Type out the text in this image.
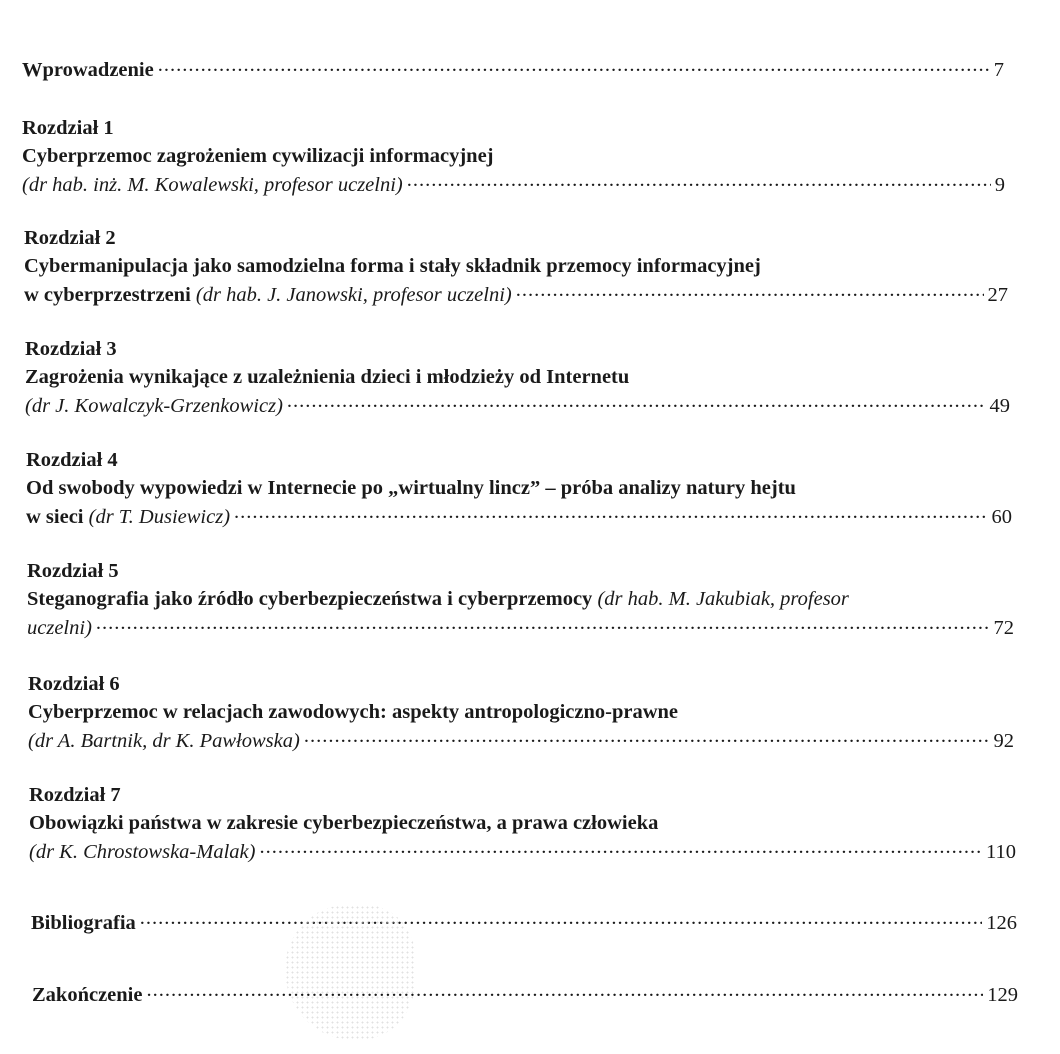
Wprowadzenie .....	7
Rozdział 1
Cyberprzemoc zagrożeniem cywilizacji informacyjnej
(dr hab. inż. M. Kowalewski, profesor uczelni) .....	9
Rozdział 2
Cybermanipulacja jako samodzielna forma i stały składnik przemocy informacyjnej
w cyberprzestrzeni (dr hab. J. Janowski, profesor uczelni) .....	27
Rozdział 3
Zagrożenia wynikające z uzależnienia dzieci i młodzieży od Internetu
(dr J. Kowalczyk-Grzenkowicz) .....	49
Rozdział 4
Od swobody wypowiedzi w Internecie po „wirtualny lincz” – próba analizy natury hejtu
w sieci (dr T. Dusiewicz) .....	60
Rozdział 5
Steganografia jako źródło cyberbezpieczeństwa i cyberprzemocy (dr hab. M. Jakubiak, profesor
uczelni) .....	72
Rozdział 6
Cyberprzemoc w relacjach zawodowych: aspekty antropologiczno-prawne
(dr A. Bartnik, dr K. Pawłowska) .....	92
Rozdział 7
Obowiązki państwa w zakresie cyberbezpieczeństwa, a prawa człowieka
(dr K. Chrostowska-Malak) .....	110
Bibliografia .....	126
Zakończenie .....	129
